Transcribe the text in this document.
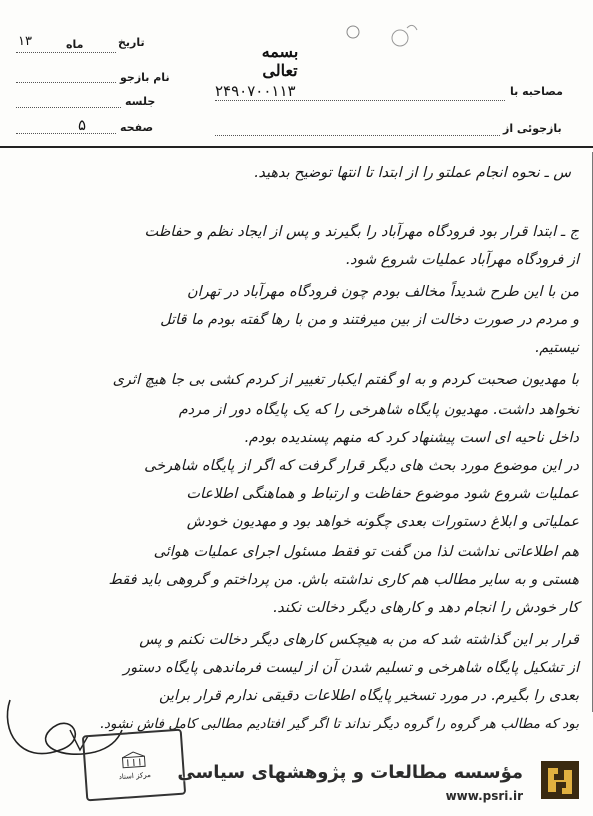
تاریخ
ماه
۱۳
بسمه تعالی
نام بازجو
مصاحبه با
۲۴۹۰۷۰۰۱۱۳
جلسه
صفحه
۵	بازجوئی از
س ـ نحوه انجام عملتو را از ابتدا تا انتها توضیح بدهید.
ج ـ ابتدا قرار بود فرودگاه مهرآباد را بگیرند و پس از ایجاد نظم و حفاظت
از فرودگاه مهرآباد عملیات شروع شود.
من با این طرح شدیداً مخالف بودم چون فرودگاه مهرآباد در تهران
و مردم در صورت دخالت از بین میرفتند و من با رها گفته بودم ما قاتل
نیستیم.
با مهدیون صحبت کردم و به او گفتم ایکبار تغییر از کردم کشی بی جا هیچ اثری
نخواهد داشت. مهدیون پایگاه شاهرخی را که یک پایگاه دور از مردم
داخل ناحیه ای است پیشنهاد کرد که منهم پسندیده بودم.
در این موضوع مورد بحث های دیگر قرار گرفت که اگر از پایگاه شاهرخی
عملیات شروع شود موضوع حفاظت و ارتباط و هماهنگی اطلاعات
عملیاتی و ابلاغ دستورات بعدی چگونه خواهد بود و مهدیون خودش
هم اطلاعاتی نداشت لذا من گفت تو فقط مسئول اجرای عملیات هوائی
هستی و به سایر مطالب هم کاری نداشته باش. من پرداختم و گروهی باید فقط
کار خودش را انجام دهد و کارهای دیگر دخالت نکند.
قرار بر این گذاشته شد که من به هیچکس کارهای دیگر دخالت نکنم و پس
از تشکیل پایگاه شاهرخی و تسلیم شدن آن از لیست فرماندهی پایگاه دستور
بعدی را بگیرم. در مورد تسخیر پایگاه اطلاعات دقیقی ندارم قرار براین
بود که مطالب هر گروه را گروه دیگر نداند تا اگر گیر افتادیم مطالبی کامل فاش نشود.
مرکز اسناد مؤسسه مطالعات و پژوهشهای سیاسی
www.psri.ir
